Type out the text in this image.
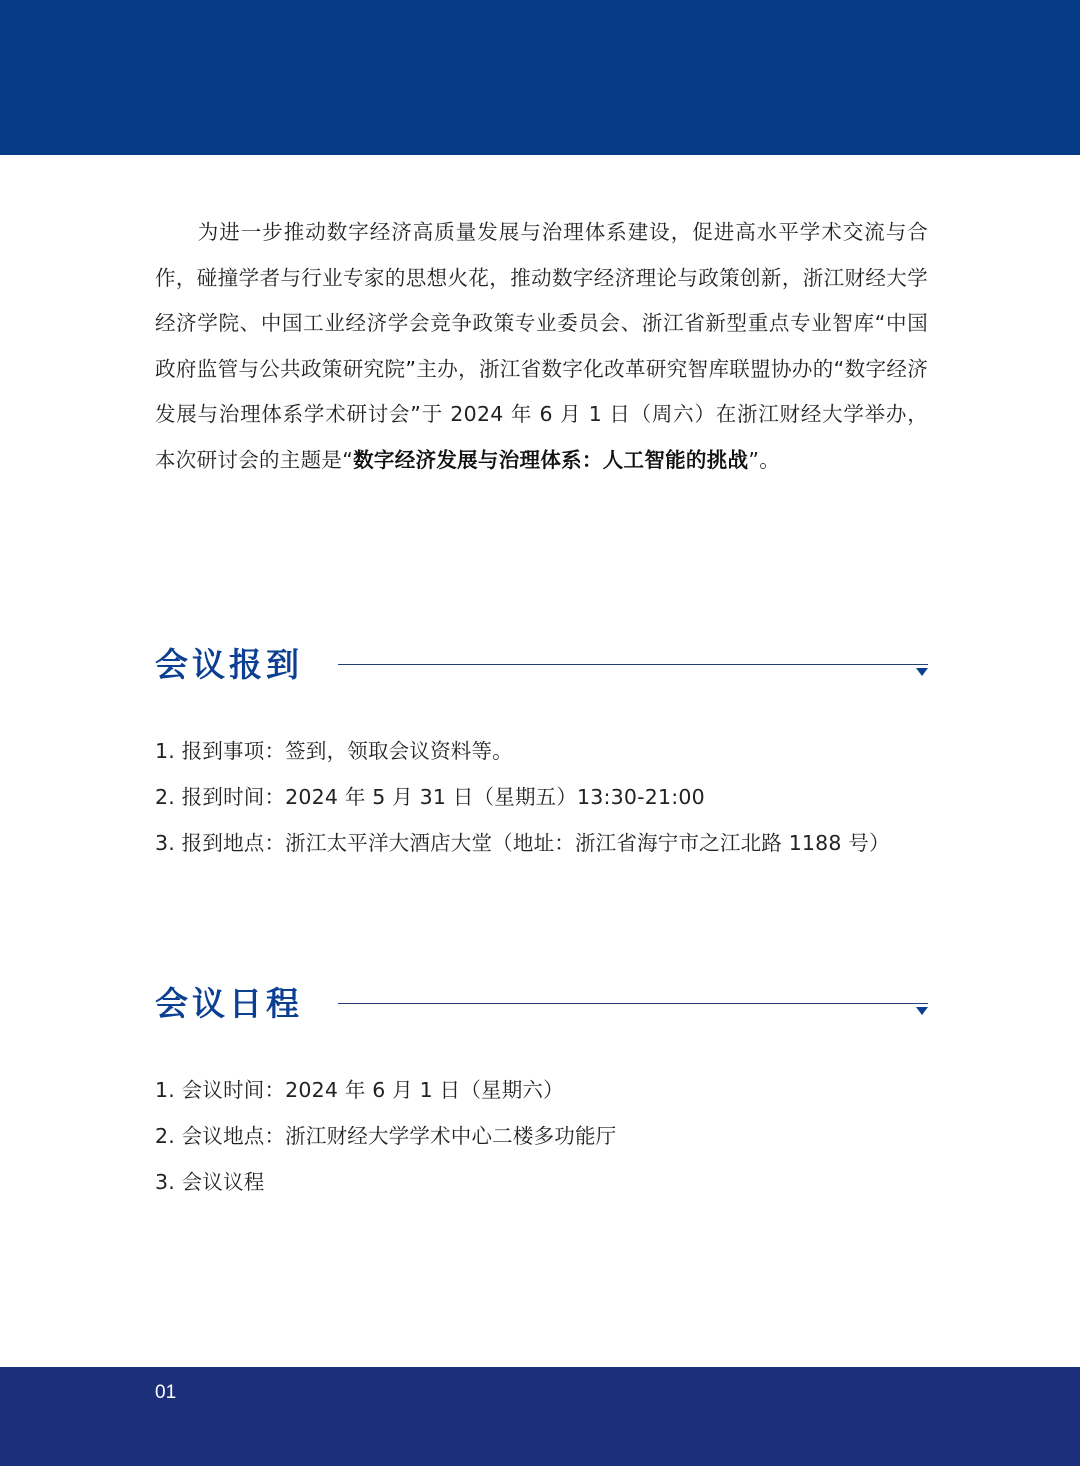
为进一步推动数字经济高质量发展与治理体系建设，促进高水平学术交流与合作，碰撞学者与行业专家的思想火花，推动数字经济理论与政策创新，浙江财经大学经济学院、中国工业经济学会竞争政策专业委员会、浙江省新型重点专业智库“中国政府监管与公共政策研究院”主办，浙江省数字化改革研究智库联盟协办的“数字经济发展与治理体系学术研讨会”于 2024 年 6 月 1 日（周六）在浙江财经大学举办，本次研讨会的主题是“数字经济发展与治理体系：人工智能的挑战”。
会议报到
1. 报到事项：签到，领取会议资料等。
2. 报到时间：2024 年 5 月 31 日（星期五）13:30-21:00
3. 报到地点：浙江太平洋大酒店大堂（地址：浙江省海宁市之江北路 1188 号）
会议日程
1. 会议时间：2024 年 6 月 1 日（星期六）
2. 会议地点：浙江财经大学学术中心二楼多功能厅
3. 会议议程
01
